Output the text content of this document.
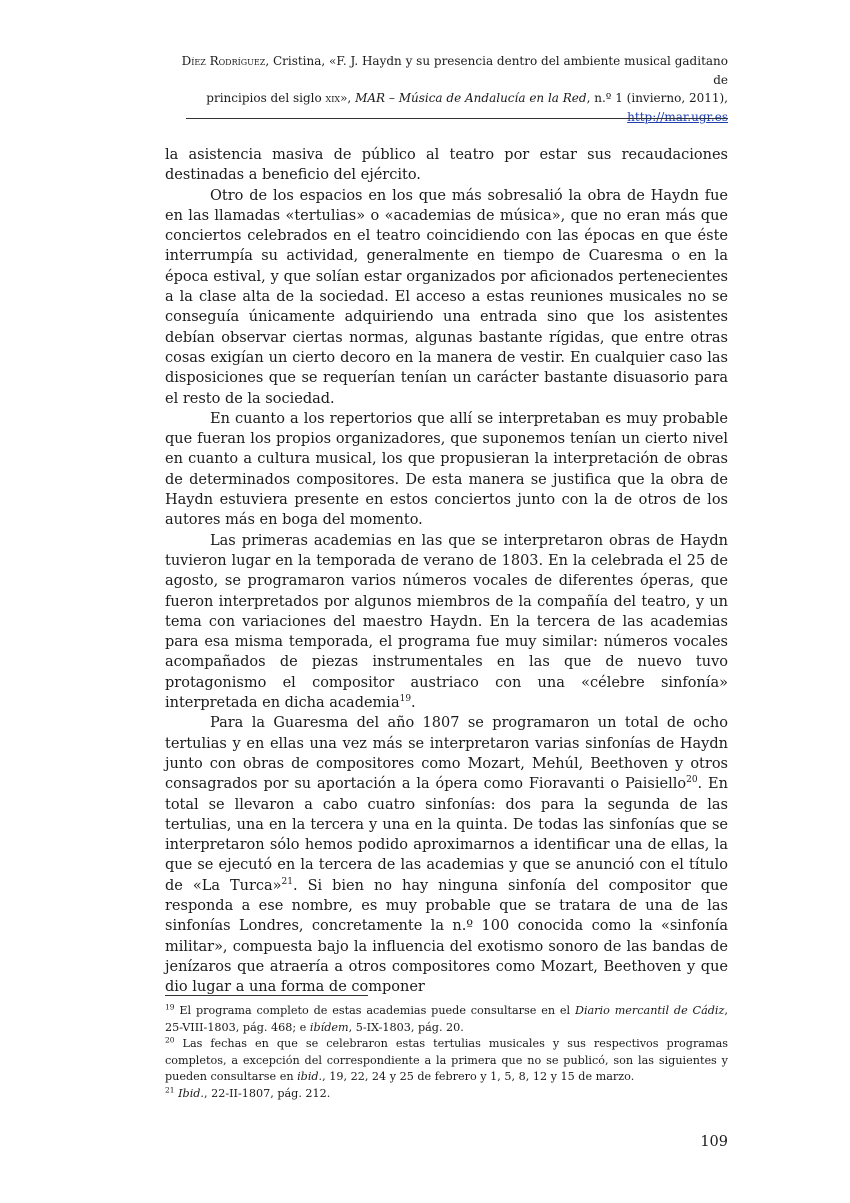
Díez Rodríguez, Cristina, «F. J. Haydn y su presencia dentro del ambiente musical gaditano de
principios del siglo xix», MAR – Música de Andalucía en la Red, n.º 1 (invierno, 2011),
http://mar.ugr.es

la asistencia masiva de público al teatro por estar sus recaudaciones destinadas a beneficio del ejército.

Otro de los espacios en los que más sobresalió la obra de Haydn fue en las llamadas «tertulias» o «academias de música», que no eran más que conciertos celebrados en el teatro coincidiendo con las épocas en que éste interrumpía su actividad, generalmente en tiempo de Cuaresma o en la época estival, y que solían estar organizados por aficionados pertenecientes a la clase alta de la sociedad. El acceso a estas reuniones musicales no se conseguía únicamente adquiriendo una entrada sino que los asistentes debían observar ciertas normas, algunas bastante rígidas, que entre otras cosas exigían un cierto decoro en la manera de vestir. En cualquier caso las disposiciones que se requerían tenían un carácter bastante disuasorio para el resto de la sociedad.

En cuanto a los repertorios que allí se interpretaban es muy probable que fueran los propios organizadores, que suponemos tenían un cierto nivel en cuanto a cultura musical, los que propusieran la interpretación de obras de determinados compositores. De esta manera se justifica que la obra de Haydn estuviera presente en estos conciertos junto con la de otros de los autores más en boga del momento.

Las primeras academias en las que se interpretaron obras de Haydn tuvieron lugar en la temporada de verano de 1803. En la celebrada el 25 de agosto, se programaron varios números vocales de diferentes óperas, que fueron interpretados por algunos miembros de la compañía del teatro, y un tema con variaciones del maestro Haydn. En la tercera de las academias para esa misma temporada, el programa fue muy similar: números vocales acompañados de piezas instrumentales en las que de nuevo tuvo protagonismo el compositor austriaco con una «célebre sinfonía» interpretada en dicha academia$^{19}$.

Para la Guaresma del año 1807 se programaron un total de ocho tertulias y en ellas una vez más se interpretaron varias sinfonías de Haydn junto con obras de compositores como Mozart, Mehúl, Beethoven y otros consagrados por su aportación a la ópera como Fioravanti o Paisiello$^{20}$. En total se llevaron a cabo cuatro sinfonías: dos para la segunda de las tertulias, una en la tercera y una en la quinta. De todas las sinfonías que se interpretaron sólo hemos podido aproximarnos a identificar una de ellas, la que se ejecutó en la tercera de las academias y que se anunció con el título de «La Turca»$^{21}$. Si bien no hay ninguna sinfonía del compositor que responda a ese nombre, es muy probable que se tratara de una de las sinfonías Londres, concretamente la n.º 100 conocida como la «sinfonía militar», compuesta bajo la influencia del exotismo sonoro de las bandas de jenízaros que atraería a otros compositores como Mozart, Beethoven y que dio lugar a una forma de componer

$^{19}$ El programa completo de estas academias puede consultarse en el Diario mercantil de Cádiz, 25-VIII-1803, pág. 468; e ibídem, 5-IX-1803, pág. 20.

$^{20}$ Las fechas en que se celebraron estas tertulias musicales y sus respectivos programas completos, a excepción del correspondiente a la primera que no se publicó, son las siguientes y pueden consultarse en ibid., 19, 22, 24 y 25 de febrero y 1, 5, 8, 12 y 15 de marzo.

$^{21}$ Ibid., 22-II-1807, pág. 212.

109
